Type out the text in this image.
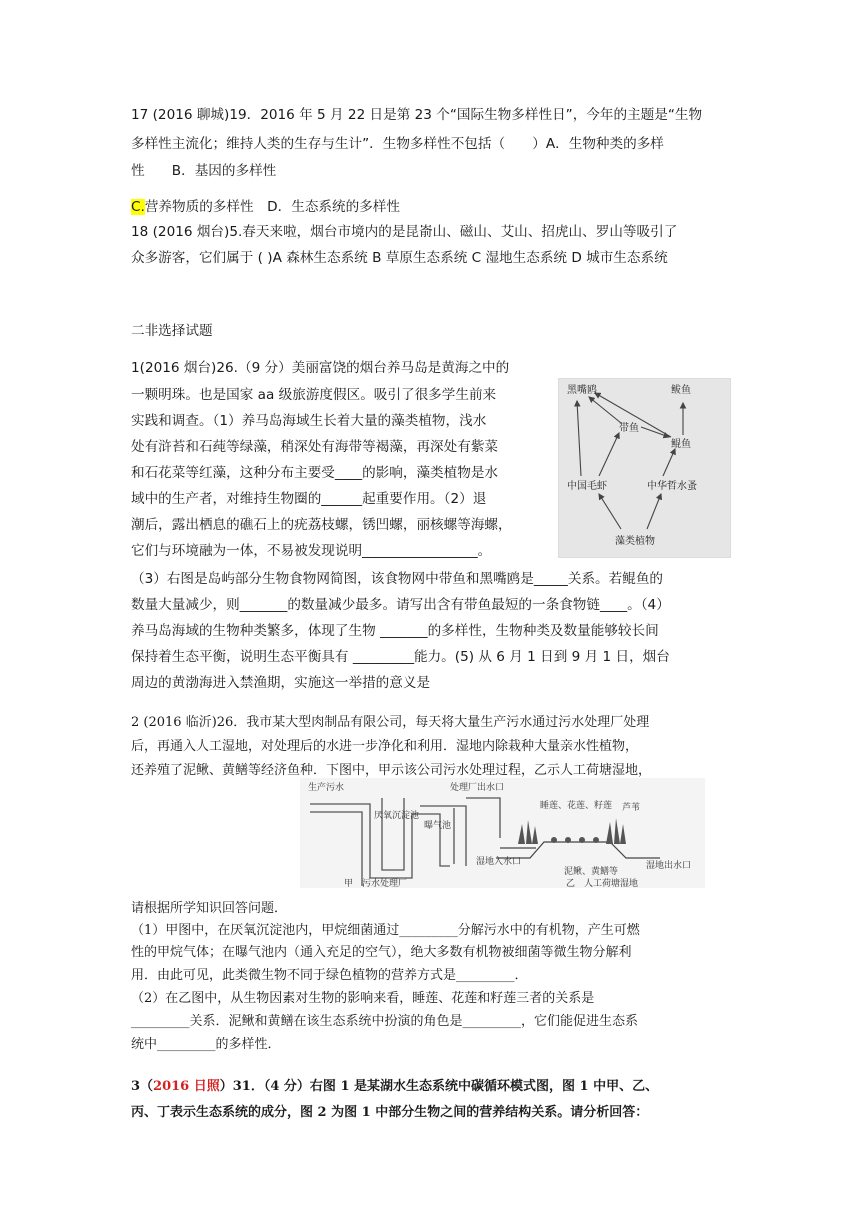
17 (2016 聊城)19．2016 年 5 月 22 日是第 23 个“国际生物多样性日”，今年的主题是“生物

多样性主流化；维持人类的生存与生计”．生物多样性不包括（　　）A．生物种类的多样

性　　B．基因的多样性

C.营养物质的多样性　D．生态系统的多样性

18 (2016 烟台)5.春天来啦，烟台市境内的是昆嵛山、磁山、艾山、招虎山、罗山等吸引了

众多游客，它们属于 ( )A 森林生态系统 B 草原生态系统 C 湿地生态系统 D 城市生态系统

二非选择试题

1(2016 烟台)26.（9 分）美丽富饶的烟台养马岛是黄海之中的

一颗明珠。也是国家 aa 级旅游度假区。吸引了很多学生前来

实践和调查。（1）养马岛海域生长着大量的藻类植物，浅水

处有浒苔和石莼等绿藻，稍深处有海带等褐藻，再深处有紫菜

和石花菜等红藻，这种分布主要受____的影响，藻类植物是水

域中的生产者，对维持生物圈的______起重要作用。（2）退

潮后，露出栖息的礁石上的疣荔枝螺，锈凹螺，丽核螺等海螺，

它们与环境融为一体，不易被发现说明_________________。

（3）右图是岛屿部分生物食物网简图，该食物网中带鱼和黑嘴鸥是_____关系。若鲲鱼的

数量大量减少，则_______的数量减少最多。请写出含有带鱼最短的一条食物链____。（4）

养马岛海域的生物种类繁多，体现了生物 _______的多样性，生物种类及数量能够较长间

保持着生态平衡，说明生态平衡具有 _________能力。(5) 从 6 月 1 日到 9 月 1 日，烟台

周边的黄渤海进入禁渔期，实施这一举措的意义是

黑嘴鸥	鲅鱼
带鱼
鲲鱼
中国毛虾	中华哲水蚤
藻类植物

2 (2016 临沂)26．我市某大型肉制品有限公司，每天将大量生产污水通过污水处理厂处理

后，再通入人工湿地，对处理后的水进一步净化和利用．湿地内除栽种大量亲水性植物，

还养殖了泥鳅、黄鳝等经济鱼种．下图中，甲示该公司污水处理过程，乙示人工荷塘湿地，

生产污水
厌氧沉淀池
曝气池
处理厂出水口
睡莲、花莲、籽莲 芦苇
湿地入水口	湿地出水口
泥鳅、黄鳝等
甲　污水处理厂	乙　人工荷塘湿地

请根据所学知识回答问题．

（1）甲图中，在厌氧沉淀池内，甲烷细菌通过_________分解污水中的有机物，产生可燃

性的甲烷气体；在曝气池内（通入充足的空气），绝大多数有机物被细菌等微生物分解利

用．由此可见，此类微生物不同于绿色植物的营养方式是_________．

（2）在乙图中，从生物因素对生物的影响来看，睡莲、花莲和籽莲三者的关系是

_________关系．泥鳅和黄鳝在该生态系统中扮演的角色是_________，它们能促进生态系

统中_________的多样性．

3（2016 日照）31．（4 分）右图 1 是某湖水生态系统中碳循环模式图，图 1 中甲、乙、

丙、丁表示生态系统的成分，图 2 为图 1 中部分生物之间的营养结构关系。请分析回答：
